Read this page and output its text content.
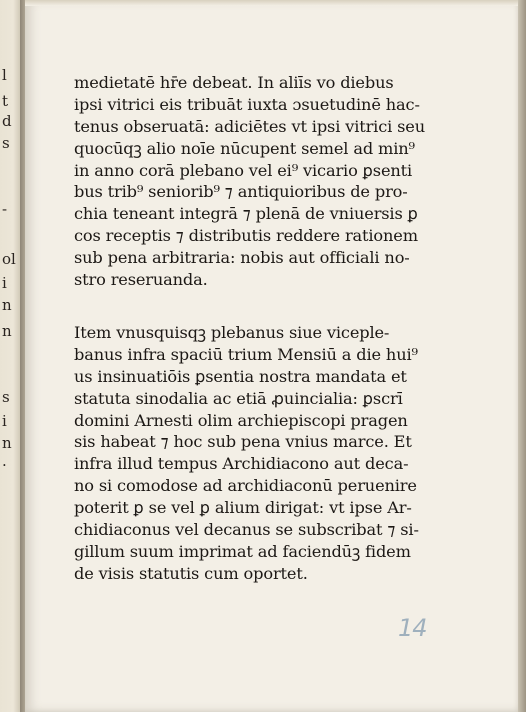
l
t
d
s
-
ol
i
n
n
s
i
n
.
medietatē hr̄e debeat. In aliīs vo diebus
ipsi vitrici eis tribuāt iuxta ɔsuetudinē hac-
tenus obseruatā: adiciētes vt ipsi vitrici seu
quocūqꝫ alio noīe nūcupent semel ad min⁹
in anno corā plebano vel ei⁹ vicario ꝑsenti
bus trib⁹ seniorib⁹ ⁊ antiquioribus de pro-
chia teneant integrā ⁊ plenā de vniuersis ꝑ
cos receptis ⁊ distributis reddere rationem
sub pena arbitraria: nobis aut officiali no-
stro reseruanda.
Item vnusquisqꝫ plebanus siue viceple-
banus infra spaciū trium Mensiū a die hui⁹
us insinuatiōis ꝑsentia nostra mandata et
statuta sinodalia ac etiā ꝓuincialia: ꝑscrī
domini Arnesti olim archiepiscopi pragen
sis habeat ⁊ hoc sub pena vnius marce. Et
infra illud tempus Archidiacono aut deca-
no si comodose ad archidiaconū peruenire
poterit ꝑ se vel ꝑ alium dirigat: vt ipse Ar-
chidiaconus vel decanus se subscribat ⁊ si-
gillum suum imprimat ad faciendūꝫ fidem
de visis statutis cum oportet.
14
